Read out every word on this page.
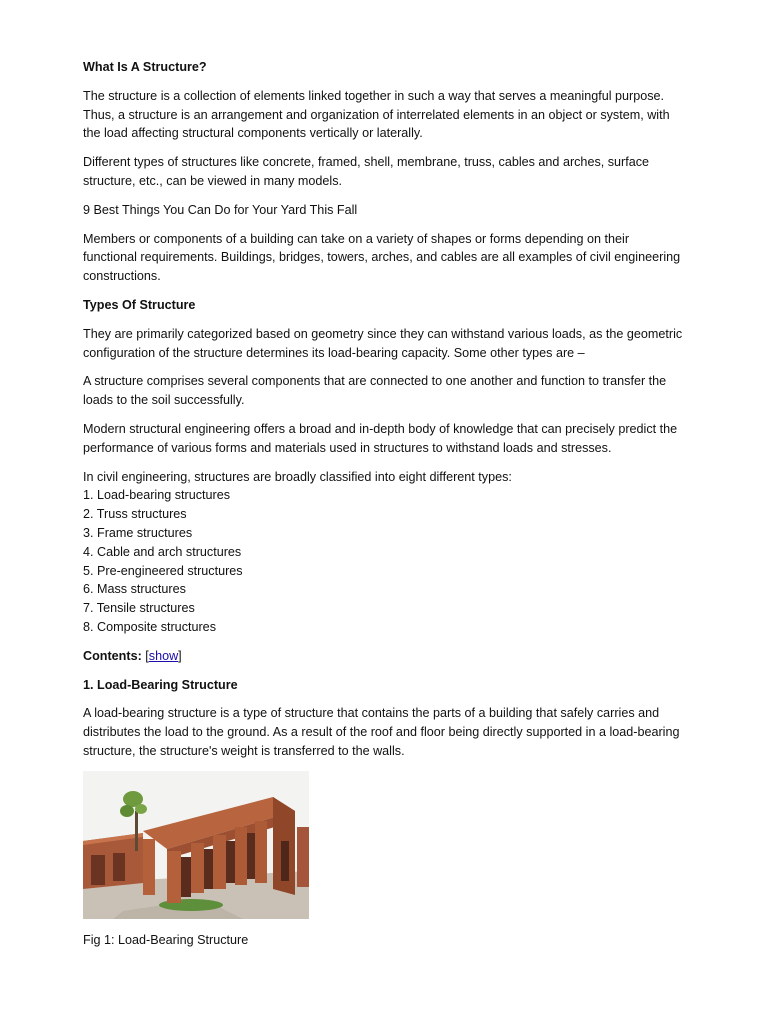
What Is A Structure?

The structure is a collection of elements linked together in such a way that serves a meaningful purpose. Thus, a structure is an arrangement and organization of interrelated elements in an object or system, with the load affecting structural components vertically or laterally.

Different types of structures like concrete, framed, shell, membrane, truss, cables and arches, surface structure, etc., can be viewed in many models.

9 Best Things You Can Do for Your Yard This Fall

Members or components of a building can take on a variety of shapes or forms depending on their functional requirements. Buildings, bridges, towers, arches, and cables are all examples of civil engineering constructions.

Types Of Structure

They are primarily categorized based on geometry since they can withstand various loads, as the geometric configuration of the structure determines its load-bearing capacity. Some other types are –

A structure comprises several components that are connected to one another and function to transfer the loads to the soil successfully.

Modern structural engineering offers a broad and in-depth body of knowledge that can precisely predict the performance of various forms and materials used in structures to withstand loads and stresses.

In civil engineering, structures are broadly classified into eight different types:
1. Load-bearing structures
2. Truss structures
3. Frame structures
4. Cable and arch structures
5. Pre-engineered structures
6. Mass structures
7. Tensile structures
8. Composite structures

Contents: [show]

1. Load-Bearing Structure

A load-bearing structure is a type of structure that contains the parts of a building that safely carries and distributes the load to the ground. As a result of the roof and floor being directly supported in a load-bearing structure, the structure's weight is transferred to the walls.

Fig 1: Load-Bearing Structure
